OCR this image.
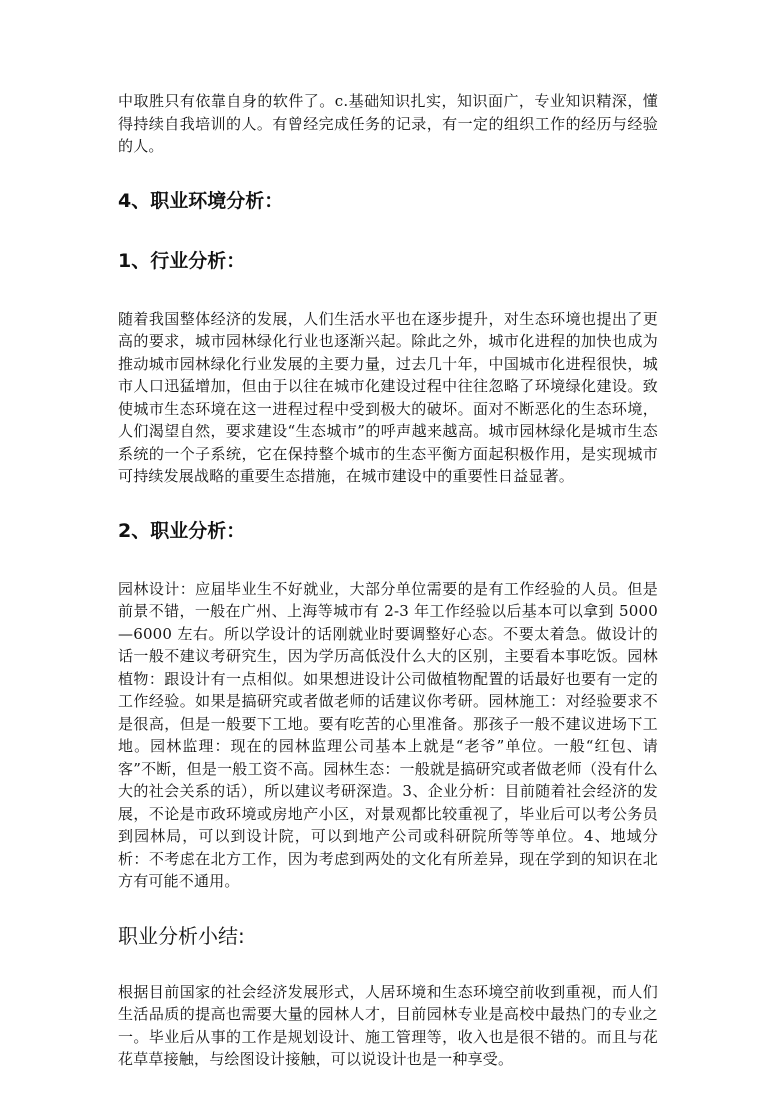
中取胜只有依靠自身的软件了。c.基础知识扎实，知识面广，专业知识精深，懂得持续自我培训的人。有曾经完成任务的记录，有一定的组织工作的经历与经验的人。

4、职业环境分析：
1、行业分析：

随着我国整体经济的发展，人们生活水平也在逐步提升，对生态环境也提出了更高的要求，城市园林绿化行业也逐渐兴起。除此之外，城市化进程的加快也成为推动城市园林绿化行业发展的主要力量，过去几十年，中国城市化进程很快，城市人口迅猛增加，但由于以往在城市化建设过程中往往忽略了环境绿化建设。致使城市生态环境在这一进程过程中受到极大的破坏。面对不断恶化的生态环境，人们渴望自然，要求建设“生态城市”的呼声越来越高。城市园林绿化是城市生态系统的一个子系统，它在保持整个城市的生态平衡方面起积极作用，是实现城市可持续发展战略的重要生态措施，在城市建设中的重要性日益显著。

2、职业分析：

园林设计：应届毕业生不好就业，大部分单位需要的是有工作经验的人员。但是前景不错，一般在广州、上海等城市有 2-3 年工作经验以后基本可以拿到 5000—6000 左右。所以学设计的话刚就业时要调整好心态。不要太着急。做设计的话一般不建议考研究生，因为学历高低没什么大的区别，主要看本事吃饭。园林植物：跟设计有一点相似。如果想进设计公司做植物配置的话最好也要有一定的工作经验。如果是搞研究或者做老师的话建议你考研。园林施工：对经验要求不是很高，但是一般要下工地。要有吃苦的心里准备。那孩子一般不建议进场下工地。园林监理：现在的园林监理公司基本上就是“老爷”单位。一般“红包、请客”不断，但是一般工资不高。园林生态：一般就是搞研究或者做老师（没有什么大的社会关系的话），所以建议考研深造。3、企业分析：目前随着社会经济的发展，不论是市政环境或房地产小区，对景观都比较重视了，毕业后可以考公务员到园林局，可以到设计院，可以到地产公司或科研院所等等单位。4、地域分析：不考虑在北方工作，因为考虑到两处的文化有所差异，现在学到的知识在北方有可能不通用。

职业分析小结:

根据目前国家的社会经济发展形式，人居环境和生态环境空前收到重视，而人们生活品质的提高也需要大量的园林人才，目前园林专业是高校中最热门的专业之一。毕业后从事的工作是规划设计、施工管理等，收入也是很不错的。而且与花花草草接触，与绘图设计接触，可以说设计也是一种享受。
